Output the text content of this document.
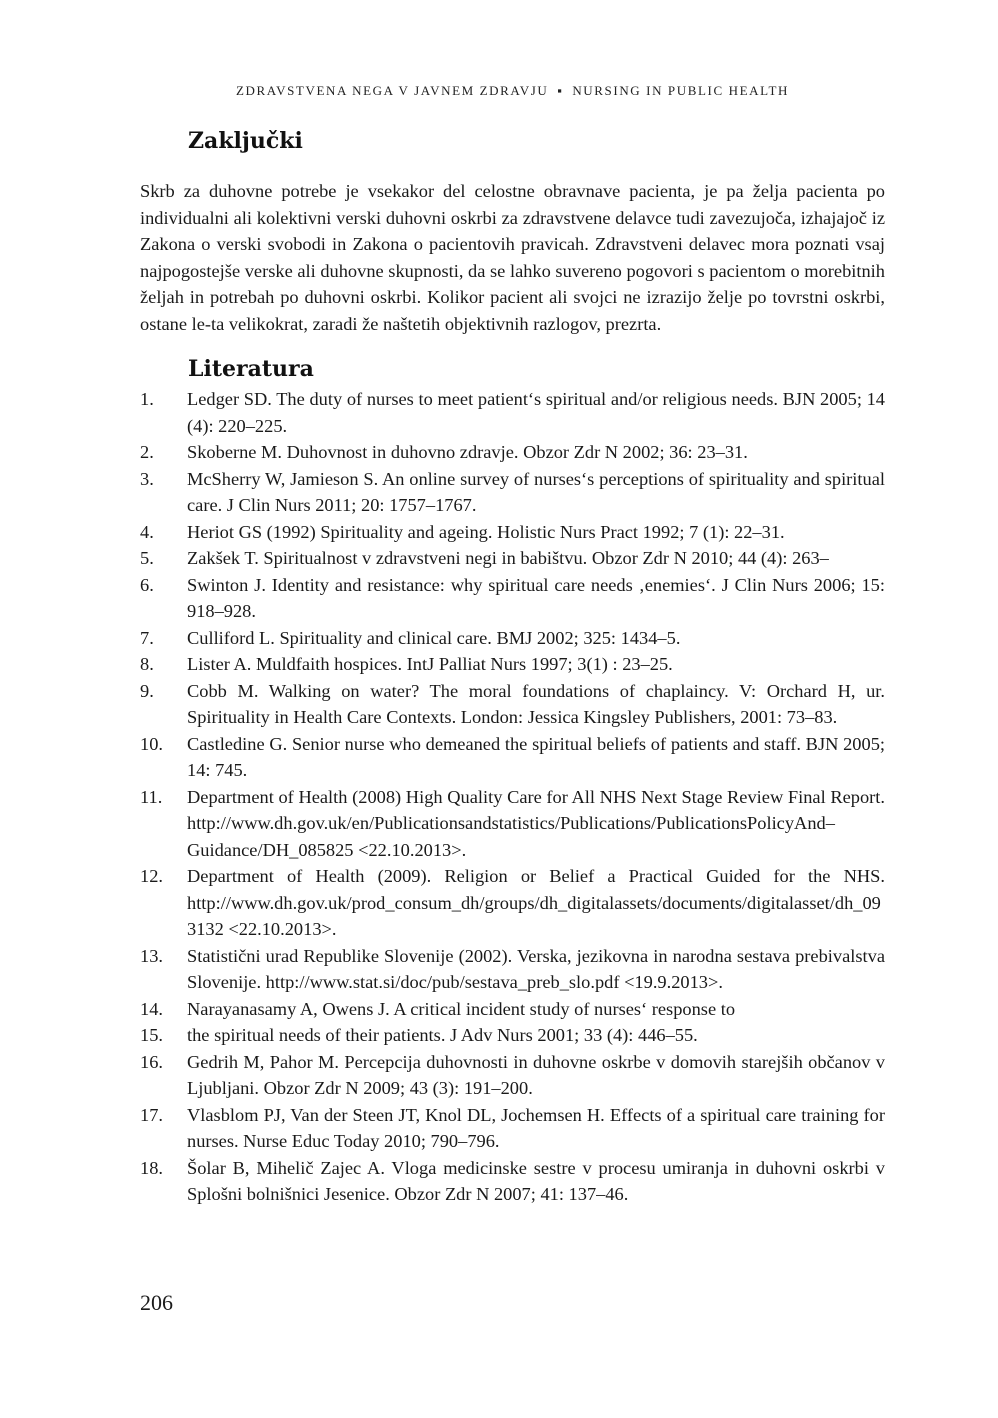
ZDRAVSTVENA NEGA V JAVNEM ZDRAVJU ▪ NURSING IN PUBLIC HEALTH
Zaključki

Skrb za duhovne potrebe je vsekakor del celostne obravnave pacienta, je pa želja pacienta po individualni ali kolektivni verski duhovni oskrbi za zdravstvene delavce tudi zavezujoča, izhajajoč iz Zakona o verski svobodi in Zakona o pacientovih pravicah. Zdravstveni delavec mora poznati vsaj najpogostejše verske ali duhovne skupnosti, da se lahko suvereno pogovori s pacientom o morebitnih željah in potrebah po duhovni oskrbi. Kolikor pacient ali svojci ne izrazijo želje po tovrstni oskrbi, ostane le-ta velikokrat, zaradi že naštetih objektivnih razlogov, prezrta.

Literatura
1.	Ledger SD. The duty of nurses to meet patient‘s spiritual and/or religious needs. BJN 2005; 14 (4): 220–225.
2.	Skoberne M. Duhovnost in duhovno zdravje. Obzor Zdr N 2002; 36: 23–31.
3.	McSherry W, Jamieson S. An online survey of nurses‘s perceptions of spirituality and spiritual care. J Clin Nurs 2011; 20: 1757–1767.
4.	Heriot GS (1992) Spirituality and ageing. Holistic Nurs Pract 1992; 7 (1): 22–31.
5.	Zakšek T. Spiritualnost v zdravstveni negi in babištvu. Obzor Zdr N 2010; 44 (4): 263–
6.	Swinton J. Identity and resistance: why spiritual care needs ‚enemies‘. J Clin Nurs 2006; 15: 918–928.
7.	Culliford L. Spirituality and clinical care. BMJ 2002; 325: 1434–5.
8.	Lister A. Muldfaith hospices. IntJ Palliat Nurs 1997; 3(1) : 23–25.
9.	Cobb M. Walking on water? The moral foundations of chaplaincy. V: Orchard H, ur. Spirituality in Health Care Contexts. London: Jessica Kingsley Publishers, 2001: 73–83.
10.	Castledine G. Senior nurse who demeaned the spiritual beliefs of patients and staff. BJN 2005; 14: 745.
11.	Department of Health (2008) High Quality Care for All NHS Next Stage Review Final Report. http://www.dh.gov.uk/en/Publicationsandstatistics/Publications/PublicationsPolicyAnd–Guidance/DH_085825 <22.10.2013>.
12.	Department of Health (2009). Religion or Belief a Practical Guided for the NHS. http://www.dh.gov.uk/prod_consum_dh/groups/dh_digitalassets/documents/digitalasset/dh_093132 <22.10.2013>.
13.	Statistični urad Republike Slovenije (2002). Verska, jezikovna in narodna sestava prebivalstva Slovenije. http://www.stat.si/doc/pub/sestava_preb_slo.pdf <19.9.2013>.
14.	Narayanasamy A, Owens J. A critical incident study of nurses‘ response to
15.	the spiritual needs of their patients. J Adv Nurs 2001; 33 (4): 446–55.
16.	Gedrih M, Pahor M. Percepcija duhovnosti in duhovne oskrbe v domovih starejših občanov v Ljubljani. Obzor Zdr N 2009; 43 (3): 191–200.
17.	Vlasblom PJ, Van der Steen JT, Knol DL, Jochemsen H. Effects of a spiritual care training for nurses. Nurse Educ Today 2010; 790–796.
18.	Šolar B, Mihelič Zajec A. Vloga medicinske sestre v procesu umiranja in duhovni oskrbi v Splošni bolnišnici Jesenice. Obzor Zdr N 2007; 41: 137–46.
206
